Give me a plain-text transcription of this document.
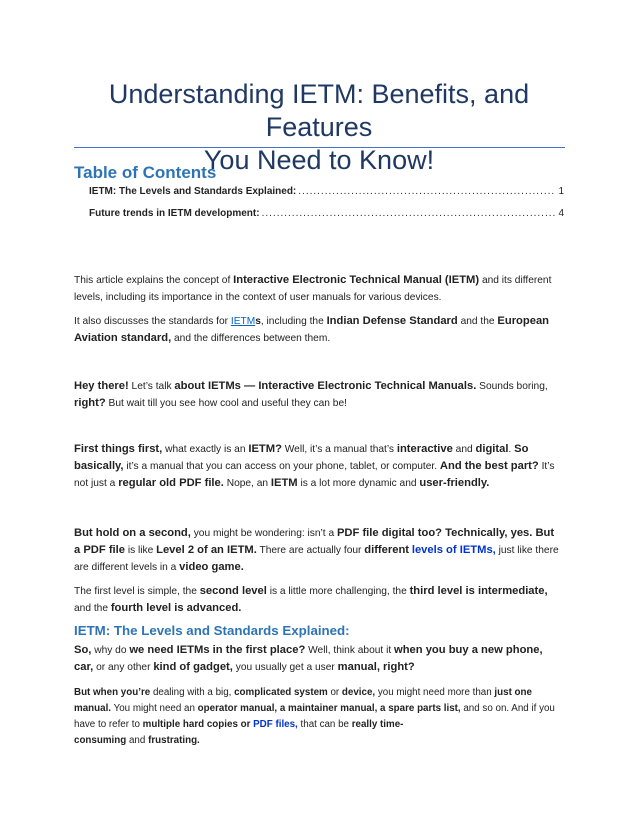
Understanding IETM: Benefits, and Features
You Need to Know!
Table of Contents
IETM: The Levels and Standards Explained: .....	1
Future trends in IETM development: .....	4

This article explains the concept of Interactive Electronic Technical Manual (IETM) and its different levels, including its importance in the context of user manuals for various devices.

It also discusses the standards for IETMs, including the Indian Defense Standard and the European Aviation standard, and the differences between them.

Hey there! Let’s talk about IETMs — Interactive Electronic Technical Manuals. Sounds boring, right? But wait till you see how cool and useful they can be!

First things first, what exactly is an IETM? Well, it’s a manual that’s interactive and digital. So basically, it’s a manual that you can access on your phone, tablet, or computer. And the best part? It’s not just a regular old PDF file. Nope, an IETM is a lot more dynamic and user-friendly.

But hold on a second, you might be wondering: isn’t a PDF file digital too? Technically, yes. But a PDF file is like Level 2 of an IETM. There are actually four different levels of IETMs, just like there are different levels in a video game.

The first level is simple, the second level is a little more challenging, the third level is intermediate, and the fourth level is advanced.

IETM: The Levels and Standards Explained:

So, why do we need IETMs in the first place? Well, think about it when you buy a new phone, car, or any other kind of gadget, you usually get a user manual, right?

But when you’re dealing with a big, complicated system or device, you might need more than just one manual. You might need an operator manual, a maintainer manual, a spare parts list, and so on. And if you have to refer to multiple hard copies or PDF files, that can be really time-
consuming and frustrating.
